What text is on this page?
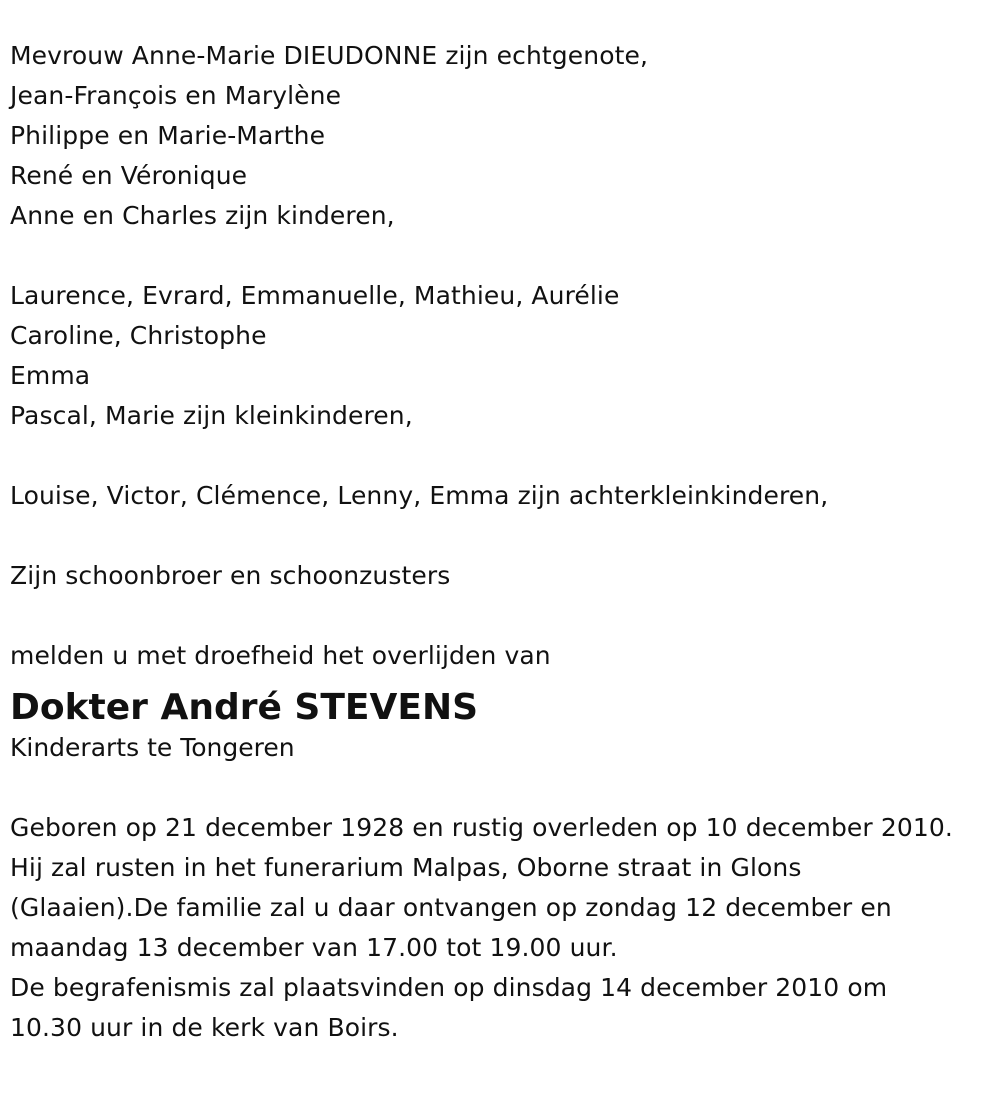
Mevrouw Anne-Marie DIEUDONNE zijn echtgenote,
Jean-François en Marylène
Philippe en Marie-Marthe
René en Véronique
Anne en Charles zijn kinderen,
Laurence, Evrard, Emmanuelle, Mathieu, Aurélie
Caroline, Christophe
Emma
Pascal, Marie zijn kleinkinderen,
Louise, Victor, Clémence, Lenny, Emma zijn achterkleinkinderen,
Zijn schoonbroer en schoonzusters
melden u met droefheid het overlijden van
Dokter André STEVENS
Kinderarts te Tongeren
Geboren op 21 december 1928 en rustig overleden op 10 december 2010.
Hij zal rusten in het funerarium Malpas, Oborne straat in Glons
(Glaaien).De familie zal u daar ontvangen op zondag 12 december en
maandag 13 december van 17.00 tot 19.00 uur.
De begrafenismis zal plaatsvinden op dinsdag 14 december 2010 om
10.30 uur in de kerk van Boirs.
